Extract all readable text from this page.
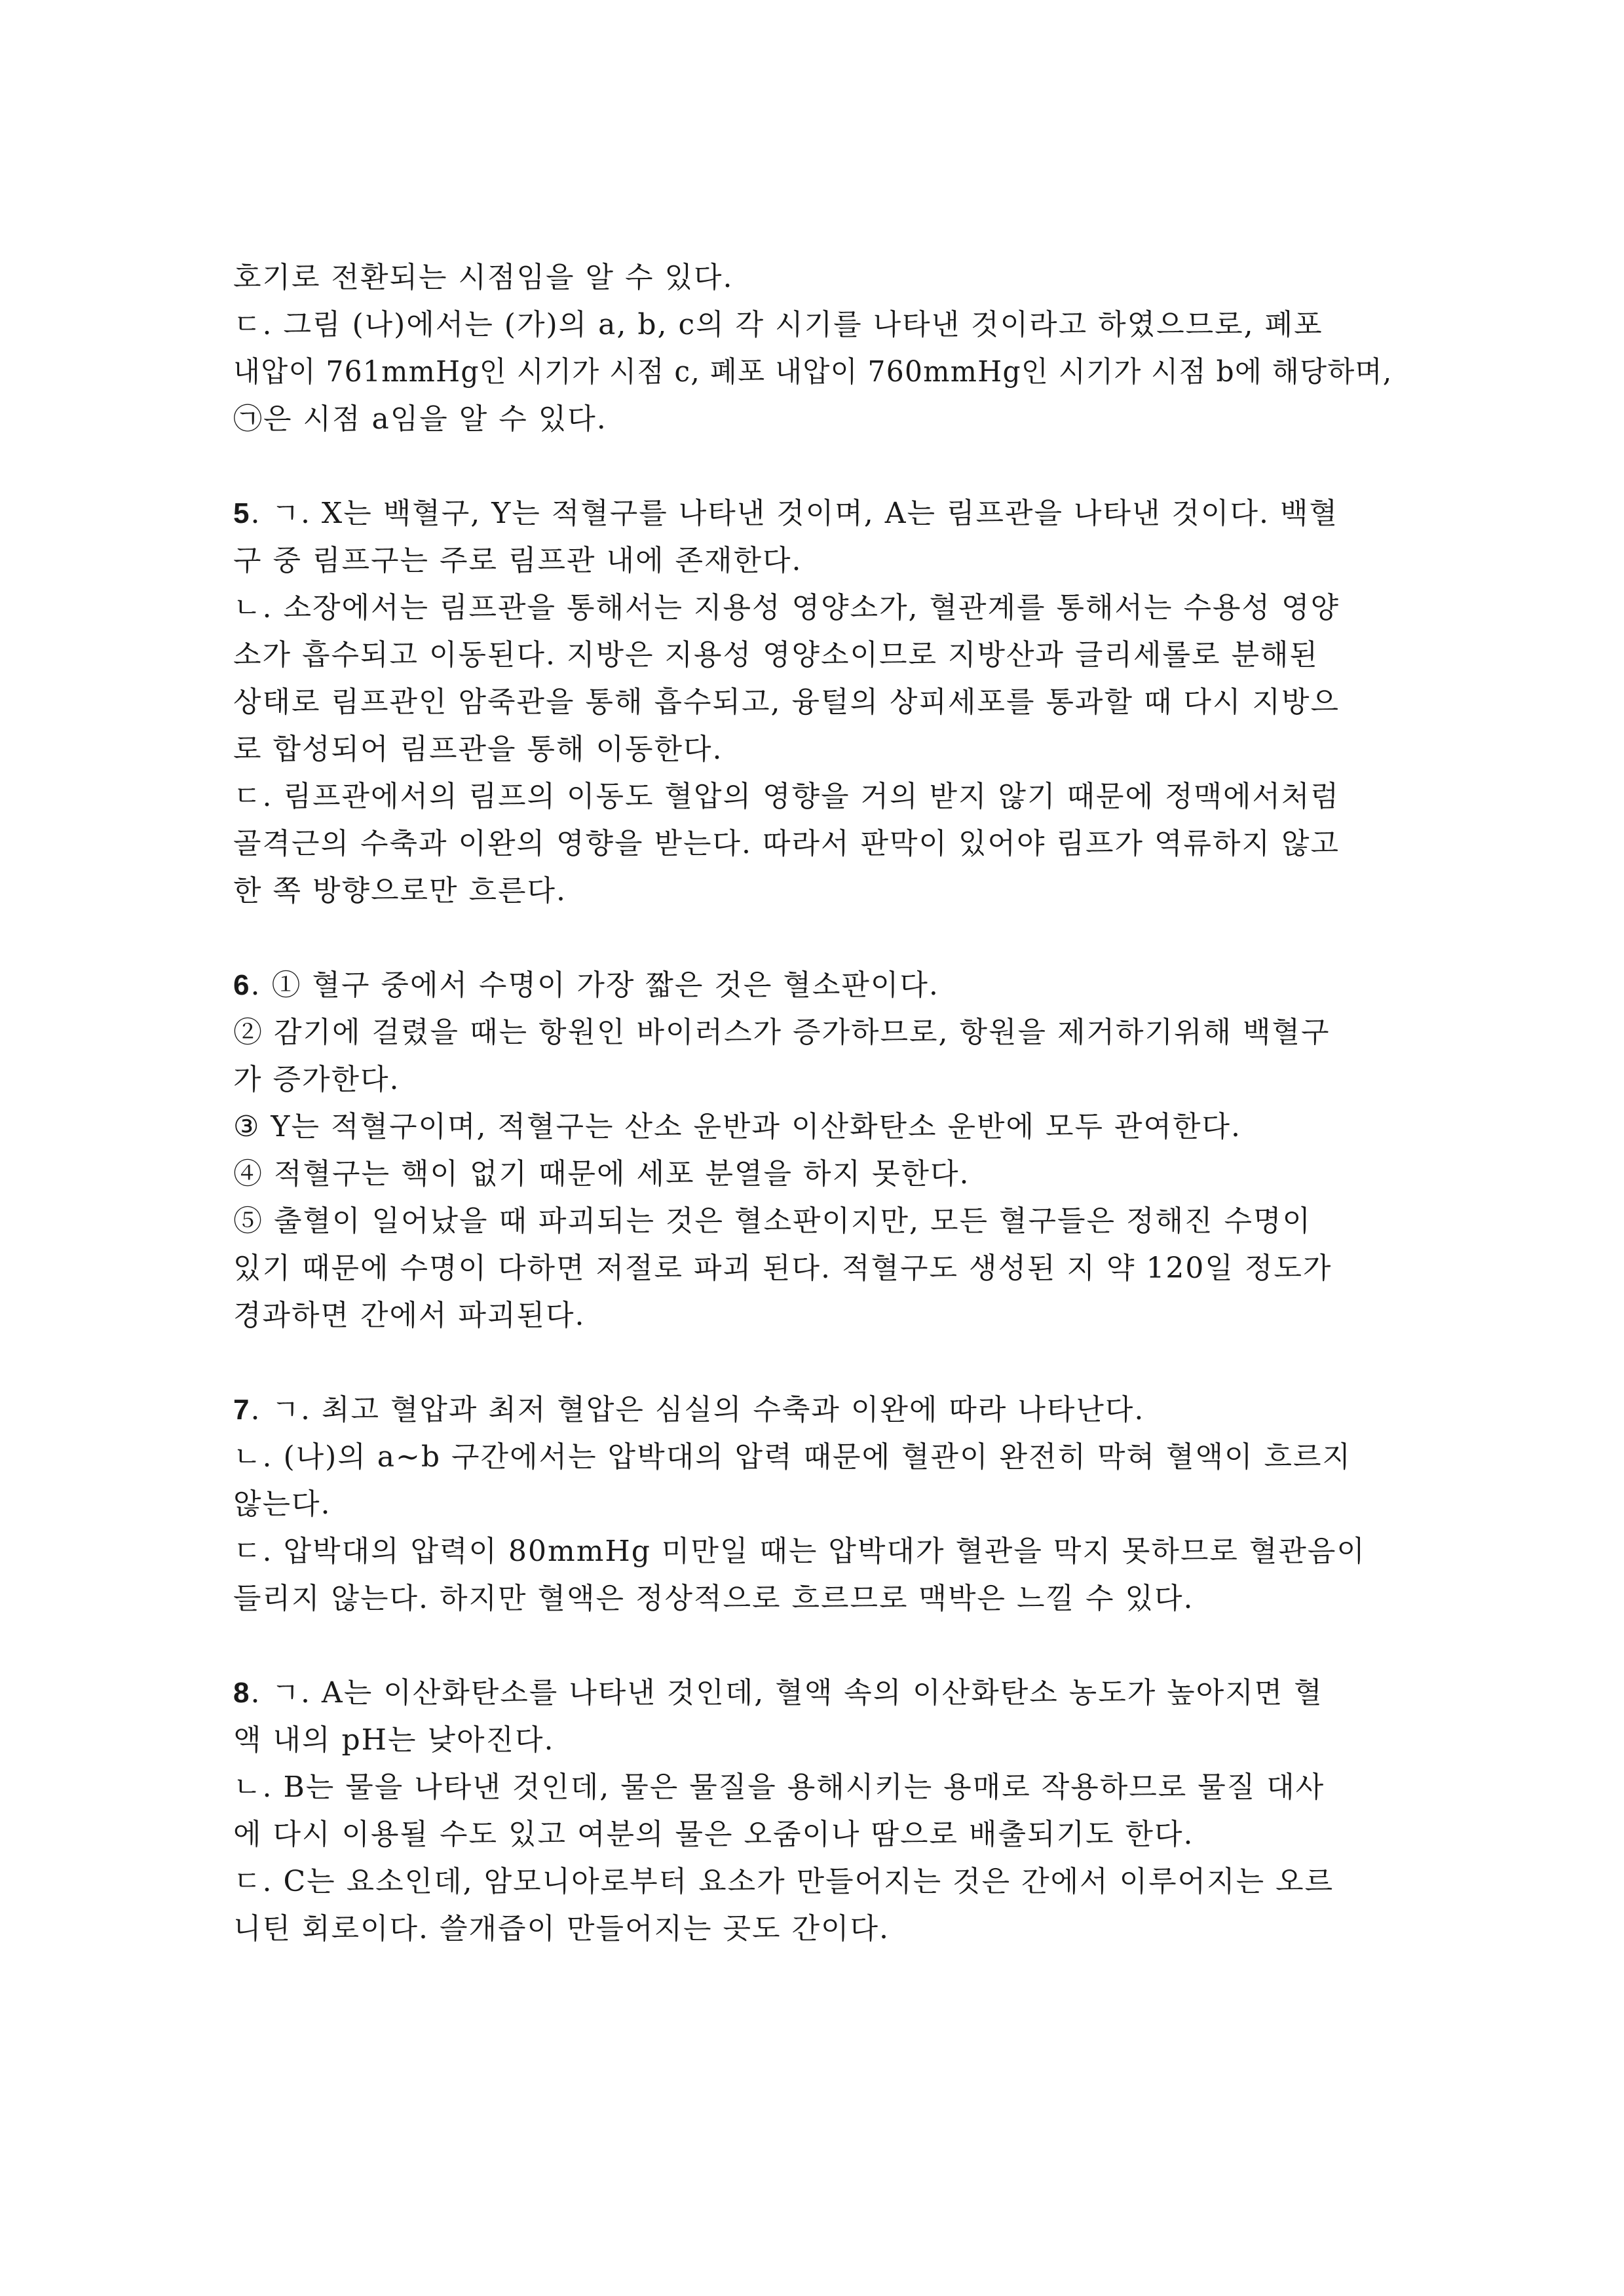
호기로 전환되는 시점임을 알 수 있다.

ㄷ. 그림 (나)에서는 (가)의 a, b, c의 각 시기를 나타낸 것이라고 하였으므로, 폐포

내압이 761mmHg인 시기가 시점 c, 폐포 내압이 760mmHg인 시기가 시점 b에 해당하며,

㉠은 시점 a임을 알 수 있다.

5. ㄱ. X는 백혈구, Y는 적혈구를 나타낸 것이며, A는 림프관을 나타낸 것이다. 백혈

구 중 림프구는 주로 림프관 내에 존재한다.

ㄴ. 소장에서는 림프관을 통해서는 지용성 영양소가, 혈관계를 통해서는 수용성 영양

소가 흡수되고 이동된다. 지방은 지용성 영양소이므로 지방산과 글리세롤로 분해된

상태로 림프관인 암죽관을 통해 흡수되고, 융털의 상피세포를 통과할 때 다시 지방으

로 합성되어 림프관을 통해 이동한다.

ㄷ. 림프관에서의 림프의 이동도 혈압의 영향을 거의 받지 않기 때문에 정맥에서처럼

골격근의 수축과 이완의 영향을 받는다. 따라서 판막이 있어야 림프가 역류하지 않고

한 쪽 방향으로만 흐른다.

6. ① 혈구 중에서 수명이 가장 짧은 것은 혈소판이다.

② 감기에 걸렸을 때는 항원인 바이러스가 증가하므로, 항원을 제거하기위해 백혈구

가 증가한다.

③ Y는 적혈구이며, 적혈구는 산소 운반과 이산화탄소 운반에 모두 관여한다.

④ 적혈구는 핵이 없기 때문에 세포 분열을 하지 못한다.

⑤ 출혈이 일어났을 때 파괴되는 것은 혈소판이지만, 모든 혈구들은 정해진 수명이

있기 때문에 수명이 다하면 저절로 파괴 된다. 적혈구도 생성된 지 약 120일 정도가

경과하면 간에서 파괴된다.

7. ㄱ. 최고 혈압과 최저 혈압은 심실의 수축과 이완에 따라 나타난다.

ㄴ. (나)의 a~b 구간에서는 압박대의 압력 때문에 혈관이 완전히 막혀 혈액이 흐르지

않는다.

ㄷ. 압박대의 압력이 80mmHg 미만일 때는 압박대가 혈관을 막지 못하므로 혈관음이

들리지 않는다. 하지만 혈액은 정상적으로 흐르므로 맥박은 느낄 수 있다.

8. ㄱ. A는 이산화탄소를 나타낸 것인데, 혈액 속의 이산화탄소 농도가 높아지면 혈

액 내의 pH는 낮아진다.

ㄴ. B는 물을 나타낸 것인데, 물은 물질을 용해시키는 용매로 작용하므로 물질 대사

에 다시 이용될 수도 있고 여분의 물은 오줌이나 땀으로 배출되기도 한다.

ㄷ. C는 요소인데, 암모니아로부터 요소가 만들어지는 것은 간에서 이루어지는 오르

니틴 회로이다. 쓸개즙이 만들어지는 곳도 간이다.
